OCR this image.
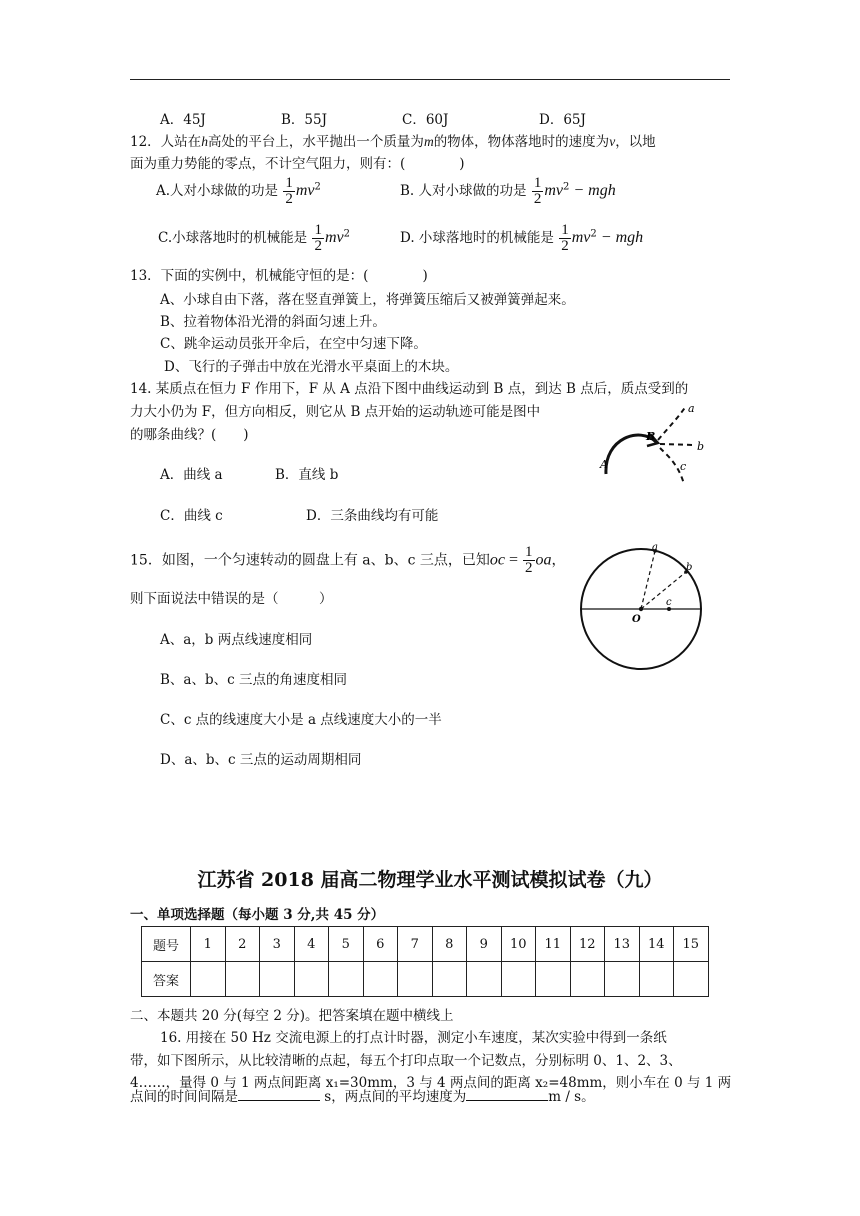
A．45J	B．55J	C．60J	D．65J
12．人站在h高处的平台上，水平抛出一个质量为m的物体，物体落地时的速度为v，以地
面为重力势能的零点，不计空气阻力，则有：(　　　　)
A.人对小球做的功是 $\frac{1}{2} mv^2$	B. 人对小球做的功是 $\frac{1}{2} mv^2$ − mgh
C.小球落地时的机械能是 $\frac{1}{2} mv^2$	D. 小球落地时的机械能是 $\frac{1}{2} mv^2$ − mgh
13．下面的实例中，机械能守恒的是：(　　　　)
A、小球自由下落，落在竖直弹簧上，将弹簧压缩后又被弹簧弹起来。
B、拉着物体沿光滑的斜面匀速上升。
C、跳伞运动员张开伞后，在空中匀速下降。
D、飞行的子弹击中放在光滑水平桌面上的木块。
14. 某质点在恒力 F 作用下，F 从 A 点沿下图中曲线运动到 B 点，到达 B 点后，质点受到的
力大小仍为 F，但方向相反，则它从 B 点开始的运动轨迹可能是图中
的哪条曲线？(　　)
A．曲线 a	B．直线 b
C．曲线 c	D．三条曲线均有可能
A
B
a
b
c
15．如图，一个匀速转动的圆盘上有 a、b、c 三点，已知oc = $\frac{1}{2}$ oa，
则下面说法中错误的是（　　　）
A、a，b 两点线速度相同
B、a、b、c 三点的角速度相同
C、c 点的线速度大小是 a 点线速度大小的一半
D、a、b、c 三点的运动周期相同
a
b
c
O
江苏省 2018 届高二物理学业水平测试模拟试卷（九）
一、单项选择题（每小题 3 分,共 45 分）
题号	1	2	3	4	5	6	7	8	9	10	11	12	13	14	15
答案															
二、本题共 20 分(每空 2 分)。把答案填在题中横线上
16. 用接在 50 Hz 交流电源上的打点计时器，测定小车速度，某次实验中得到一条纸
带，如下图所示，从比较清晰的点起，每五个打印点取一个记数点，分别标明 0、1、2、3、
4……，量得 0 与 1 两点间距离 x₁=30mm，3 与 4 两点间的距离 x₂=48mm，则小车在 0 与 1 两
点间的时间间隔是	s，两点间的平均速度为	m / s。
